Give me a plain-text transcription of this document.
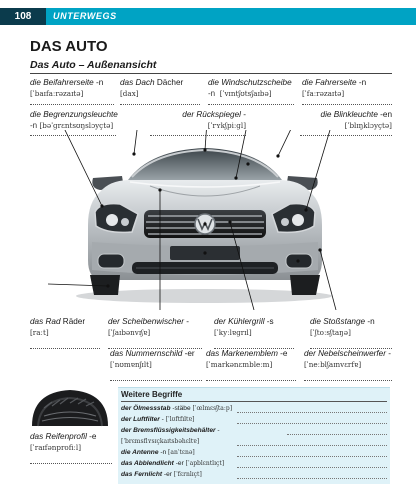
108	UNTERWEGS
DAS AUTO
Das Auto – Außenansicht
die Beifahrerseite -n
[ˈbaɪfaːrəzaɪtə]
das Dach Dächer
[dax]
die Windschutzscheibe
-n [ˈvɪntʃʊtsʃaɪbə]
die Fahrerseite -n
[ˈfaːrəzaɪtə]
die Begrenzungsleuchte
-n [bəˈɡrɛntsʊŋslɔyçtə]
der Rückspiegel -
[ˈrʏkʃpiːɡl]
die Blinkleuchte -en
[ˈblɪŋklɔyçtə]
das Rad Räder
[raːt]
der Scheibenwischer -
[ˈʃaɪbənvɪʃɐ]
der Kühlergrill -s
[ˈkyːlɐɡrɪl]
die Stoßstange -n
[ˈʃtoːsʃtaŋə]
das Nummernschild -er
[ˈnʊmɐnʃɪlt]
das Markenemblem -e
[ˈmarkənɛmbleːm]
der Nebelscheinwerfer -
[ˈneːblʃaɪnvɛrfɐ]
das Reifenprofil -e
[ˈraɪfənprofiːl]
Weitere Begriffe
der Ölmessstab -stäbe [ˈœlmɛsʃtaːp]
der Luftfilter - [ˈlʊftfɪltɐ]
der Bremsflüssigkeitsbehälter -
[ˈbrɛmsflʏsɪçkaɪtsbəhɛltɐ]
die Antenne -n [anˈtɛnə]
das Abblendlicht -er [ˈapblɛntlɪçt]
das Fernlicht -er [ˈfɛrnlɪçt]
